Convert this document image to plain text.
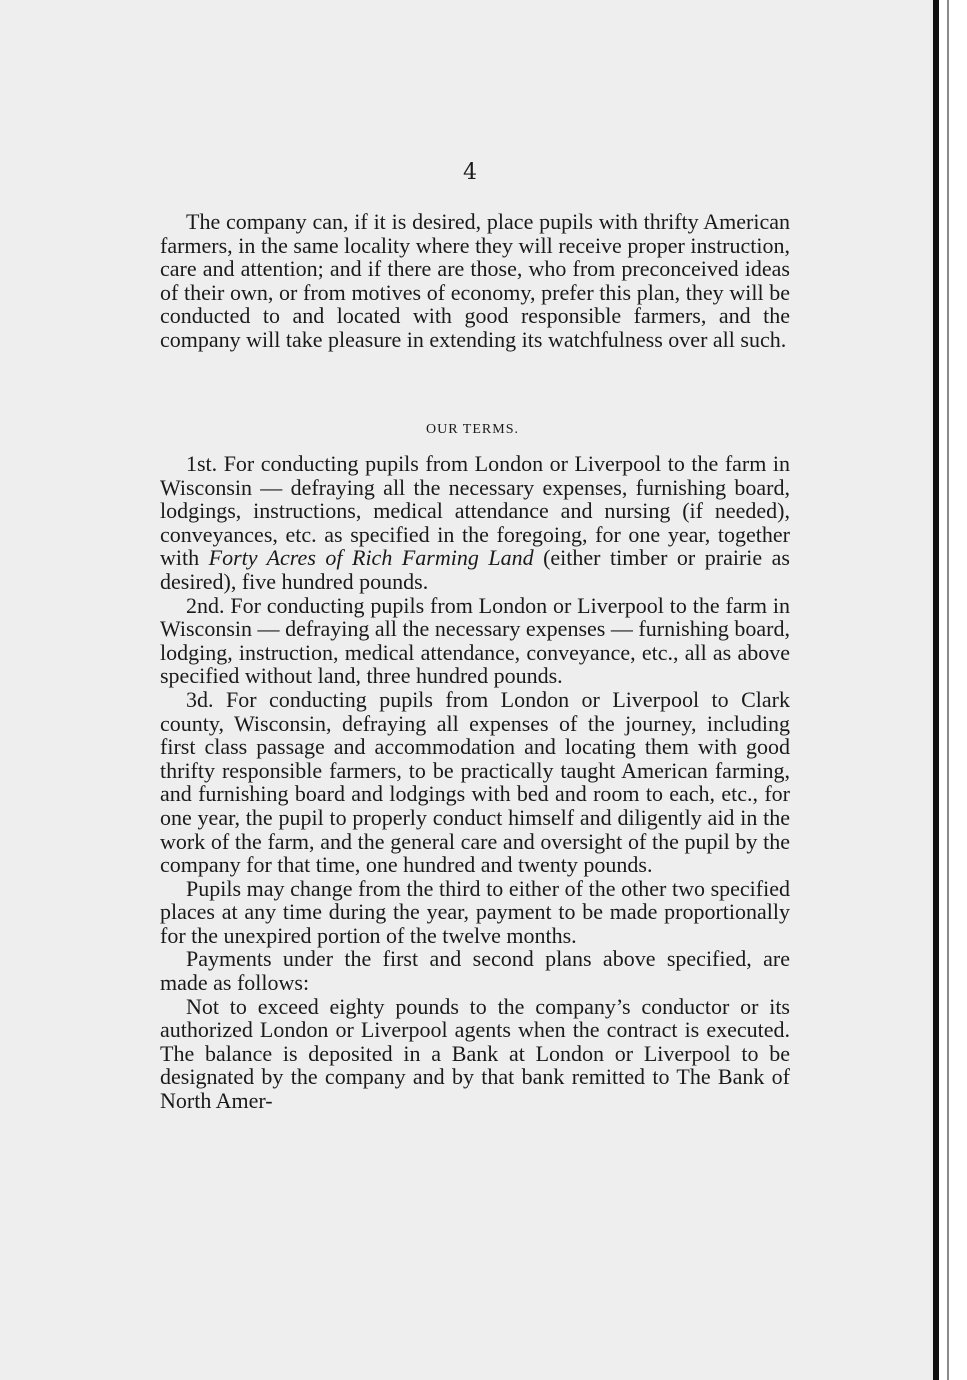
4

The company can, if it is desired, place pupils with thrifty American farmers, in the same locality where they will receive proper instruction, care and attention; and if there are those, who from preconceived ideas of their own, or from motives of economy, prefer this plan, they will be conducted to and located with good responsible farmers, and the company will take pleasure in extending its watchfulness over all such.

OUR TERMS.

1st. For conducting pupils from London or Liverpool to the farm in Wisconsin — defraying all the necessary expenses, furnishing board, lodgings, instructions, medical attendance and nursing (if needed), conveyances, etc. as specified in the foregoing, for one year, together with Forty Acres of Rich Farming Land (either timber or prairie as desired), five hundred pounds.

2nd. For conducting pupils from London or Liverpool to the farm in Wisconsin — defraying all the necessary expenses — furnishing board, lodging, instruction, medical attendance, conveyance, etc., all as above specified without land, three hundred pounds.

3d. For conducting pupils from London or Liverpool to Clark county, Wisconsin, defraying all expenses of the journey, including first class passage and accommodation and locating them with good thrifty responsible farmers, to be practically taught American farming, and furnishing board and lodgings with bed and room to each, etc., for one year, the pupil to properly conduct himself and diligently aid in the work of the farm, and the general care and oversight of the pupil by the company for that time, one hundred and twenty pounds.

Pupils may change from the third to either of the other two specified places at any time during the year, payment to be made proportionally for the unexpired portion of the twelve months.

Payments under the first and second plans above specified, are made as follows:

Not to exceed eighty pounds to the company’s conductor or its authorized London or Liverpool agents when the contract is executed. The balance is deposited in a Bank at London or Liverpool to be designated by the company and by that bank remitted to The Bank of North Amer-
